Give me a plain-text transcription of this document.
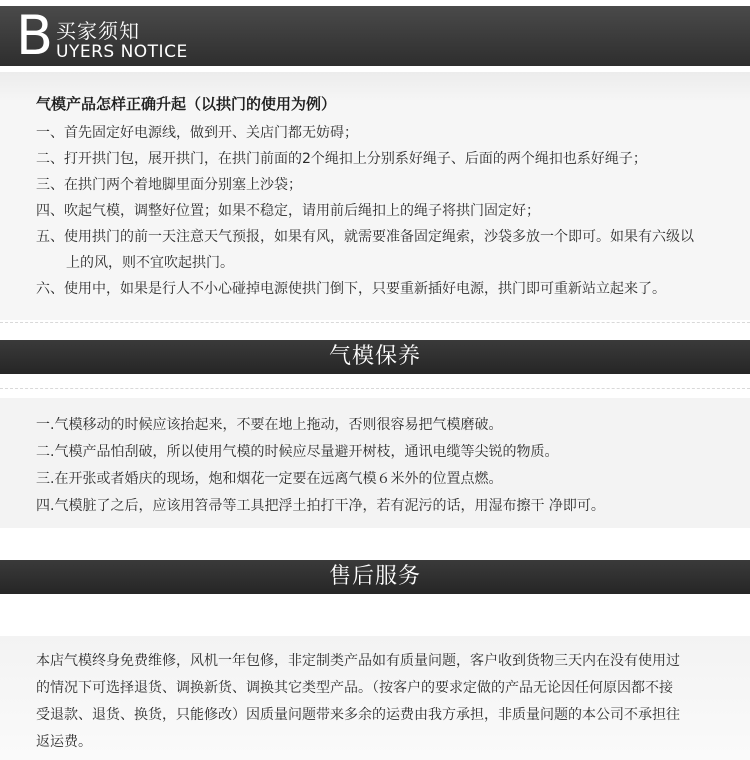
B 买家须知
UYERS NOTICE
气模产品怎样正确升起（以拱门的使用为例）
一、首先固定好电源线，做到开、关店门都无妨碍；
二、打开拱门包，展开拱门，在拱门前面的2个绳扣上分别系好绳子、后面的两个绳扣也系好绳子；
三、在拱门两个着地脚里面分别塞上沙袋；
四、吹起气模，调整好位置；如果不稳定，请用前后绳扣上的绳子将拱门固定好；
五、使用拱门的前一天注意天气预报，如果有风，就需要准备固定绳索，沙袋多放一个即可。如果有六级以
上的风，则不宜吹起拱门。
六、使用中，如果是行人不小心碰掉电源使拱门倒下，只要重新插好电源，拱门即可重新站立起来了。
气模保养
一.气模移动的时候应该抬起来，不要在地上拖动，否则很容易把气模磨破。
二.气模产品怕刮破，所以使用气模的时候应尽量避开树枝，通讯电缆等尖锐的物质。
三.在开张或者婚庆的现场，炮和烟花一定要在远离气模６米外的位置点燃。
四.气模脏了之后，应该用笤帚等工具把浮土拍打干净，若有泥污的话，用湿布擦干 净即可。
售后服务
本店气模终身免费维修，风机一年包修，非定制类产品如有质量问题，客户收到货物三天内在没有使用过
的情况下可选择退货、调换新货、调换其它类型产品。（按客户的要求定做的产品无论因任何原因都不接
受退款、退货、换货，只能修改）因质量问题带来多余的运费由我方承担，非质量问题的本公司不承担往
返运费。
